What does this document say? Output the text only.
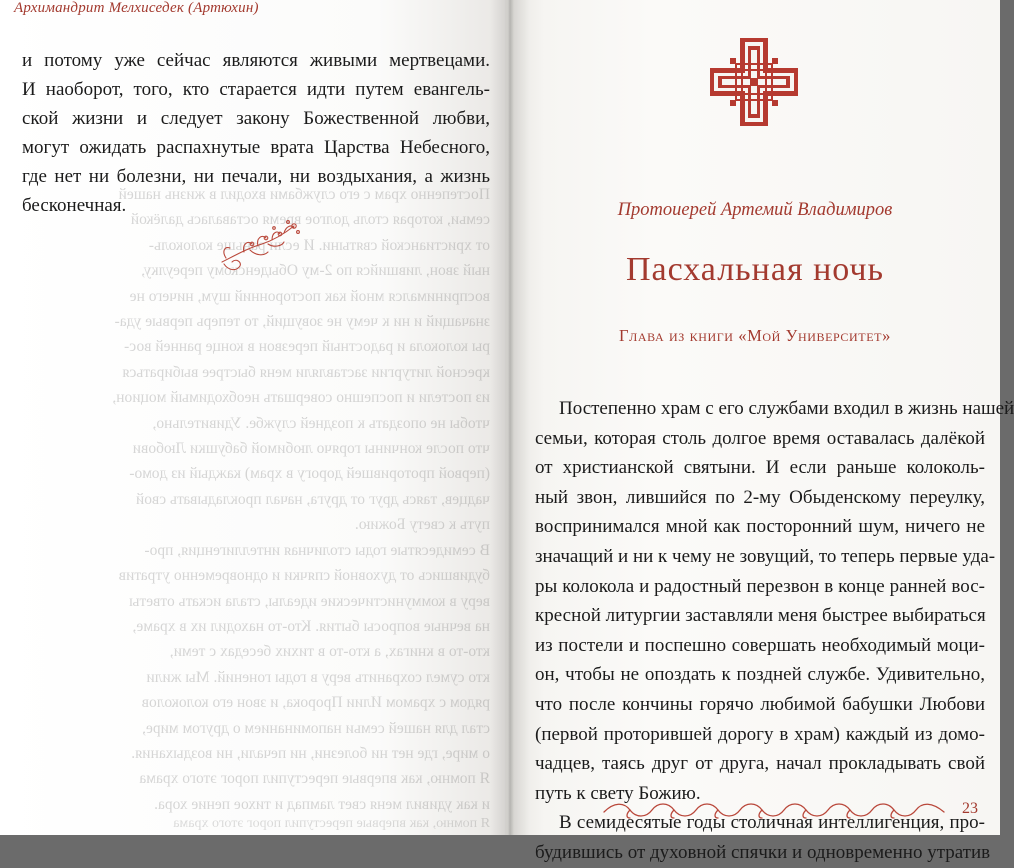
Архимандрит Мелхиседек (Артюхин)
Постепенно храм с его службами входил в жизнь нашей
семьи, которая столь долгое время оставалась далёкой
от христианской святыни. И если раньше колоколь-
ный звон, лившийся по 2-му Обыденскому переулку,
воспринимался мной как посторонний шум, ничего не
значащий и ни к чему не зовущий, то теперь первые уда-
ры колокола и радостный перезвон в конце ранней вос-
кресной литургии заставляли меня быстрее выбираться
из постели и поспешно совершать необходимый моцион,
чтобы не опоздать к поздней службе. Удивительно,
что после кончины горячо любимой бабушки Любови
(первой проторившей дорогу в храм) каждый из домо-
чадцев, таясь друг от друга, начал прокладывать свой
путь к свету Божию.
В семидесятые годы столичная интеллигенция, про-
будившись от духовной спячки и одновременно утратив
веру в коммунистические идеалы, стала искать ответы
на вечные вопросы бытия. Кто-то находил их в храме,
кто-то в книгах, а кто-то в тихих беседах с теми,
кто сумел сохранить веру в годы гонений. Мы жили
рядом с храмом Илии Пророка, и звон его колоколов
стал для нашей семьи напоминанием о другом мире,
о мире, где нет ни болезни, ни печали, ни воздыхания.
Я помню, как впервые переступил порог этого храма
и как удивил меня свет лампад и тихое пение хора.
и потому уже сейчас являются живыми мертвецами.
И наоборот, того, кто старается идти путем евангель-
ской жизни и следует закону Божественной любви,
могут ожидать распахнутые врата Царства Небесного,
где нет ни болезни, ни печали, ни воздыхания, а жизнь
бесконечная.
Я помню, как впервые переступил порог этого храма
Протоиерей Артемий Владимиров
Пасхальная ночь
Глава из книги «Мой Университет»
Постепенно храм с его службами входил в жизнь нашей
семьи, которая столь долгое время оставалась далёкой
от христианской святыни. И если раньше колоколь-
ный звон, лившийся по 2-му Обыденскому переулку,
воспринимался мной как посторонний шум, ничего не
значащий и ни к чему не зовущий, то теперь первые уда-
ры колокола и радостный перезвон в конце ранней вос-
кресной литургии заставляли меня быстрее выбираться
из постели и поспешно совершать необходимый моци-
он, чтобы не опоздать к поздней службе. Удивительно,
что после кончины горячо любимой бабушки Любови
(первой проторившей дорогу в храм) каждый из домо-
чадцев, таясь друг от друга, начал прокладывать свой
путь к свету Божию.
В семидесятые годы столичная интеллигенция, про-
будившись от духовной спячки и одновременно утратив
23
